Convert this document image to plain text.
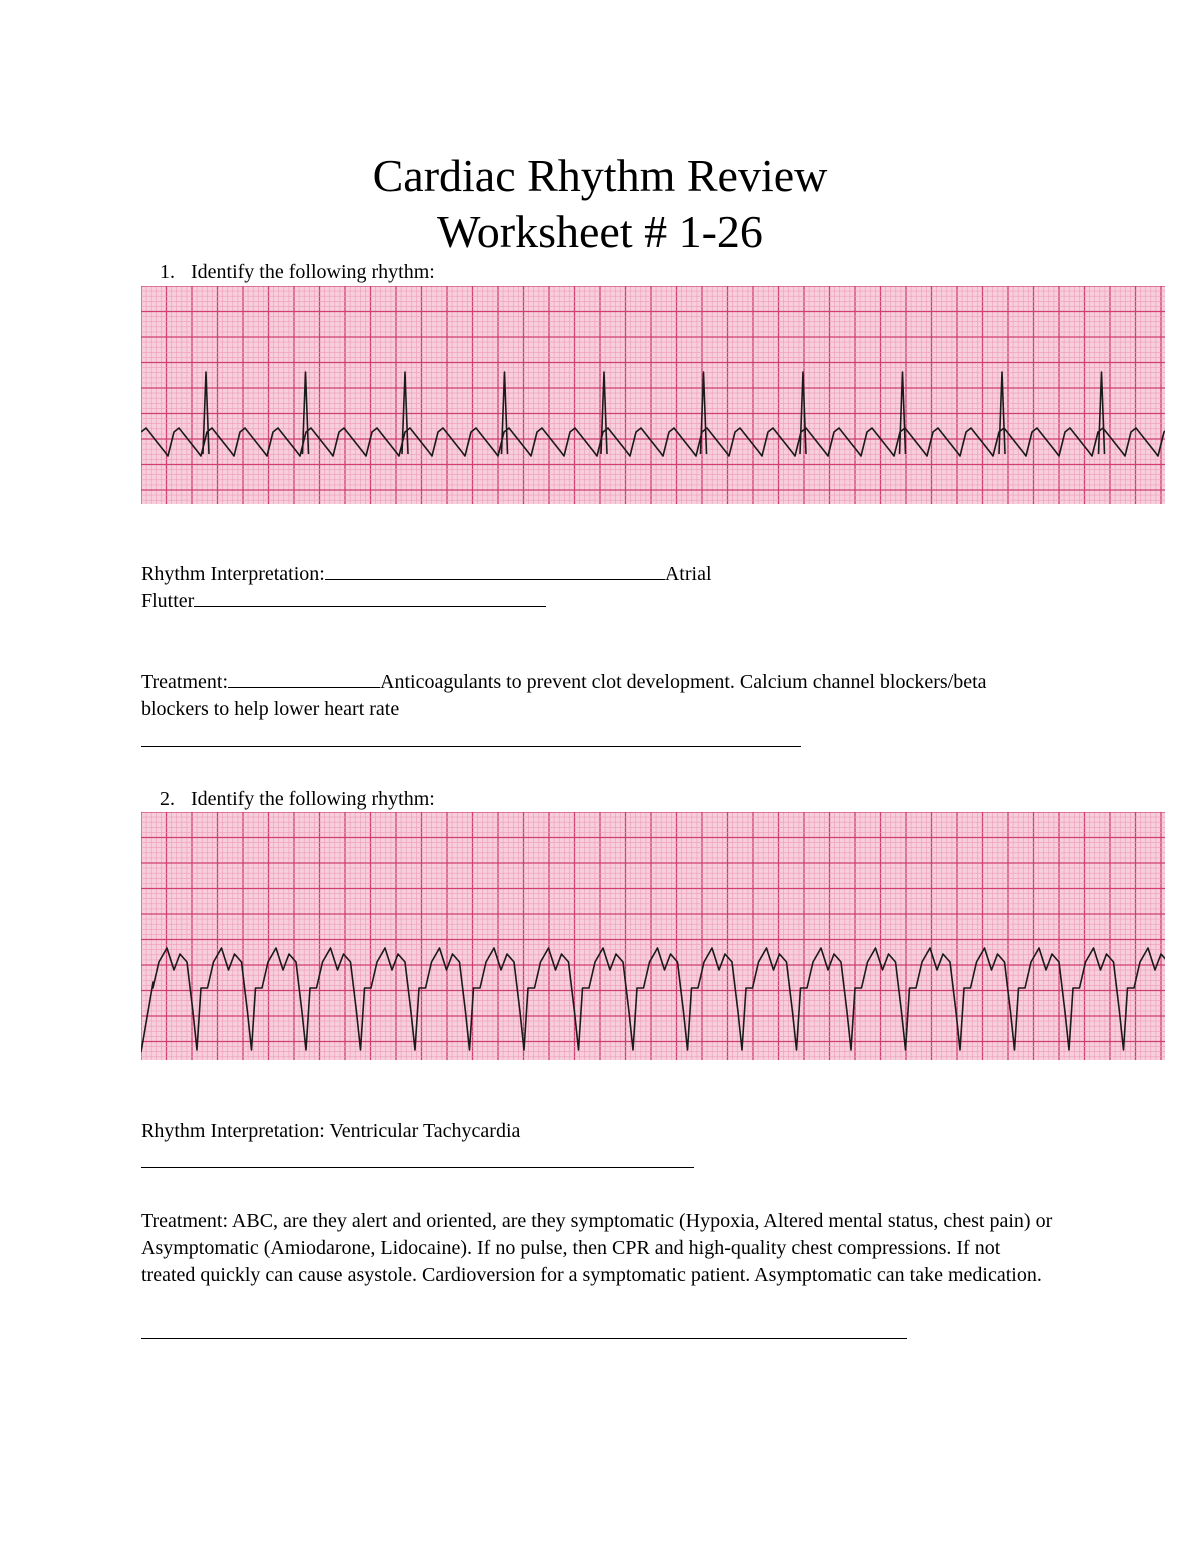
Cardiac Rhythm Review
Worksheet # 1-26
1. Identify the following rhythm:
Rhythm Interpretation:	Atrial
Flutter
Treatment:	Anticoagulants to prevent clot development. Calcium channel blockers/beta blockers to help lower heart rate
2. Identify the following rhythm:
Rhythm Interpretation: Ventricular Tachycardia
Treatment: ABC, are they alert and oriented, are they symptomatic (Hypoxia, Altered mental status, chest pain) or Asymptomatic (Amiodarone, Lidocaine). If no pulse, then CPR and high-quality chest compressions. If not treated quickly can cause asystole. Cardioversion for a symptomatic patient. Asymptomatic can take medication.
